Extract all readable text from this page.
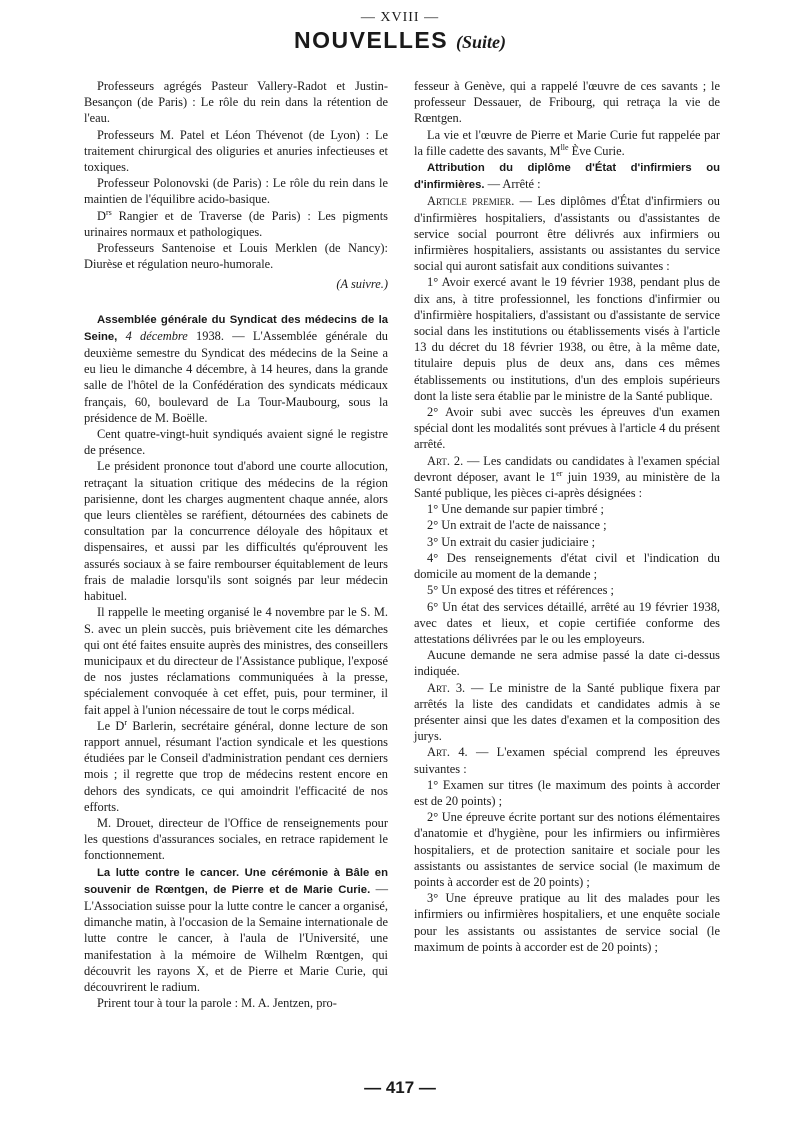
— XVIII —
NOUVELLES (Suite)

Professeurs agrégés Pasteur Vallery-Radot et Justin-Besançon (de Paris) : Le rôle du rein dans la rétention de l'eau.

Professeurs M. Patel et Léon Thévenot (de Lyon) : Le traitement chirurgical des oliguries et anuries infectieuses et toxiques.

Professeur Polonovski (de Paris) : Le rôle du rein dans le maintien de l'équilibre acido-basique.

$D^{rs}$ Rangier et de Traverse (de Paris) : Les pigments urinaires normaux et pathologiques.

Professeurs Santenoise et Louis Merklen (de Nancy): Diurèse et régulation neuro-humorale.

(A suivre.)

Assemblée générale du Syndicat des médecins de la Seine, 4 décembre 1938. — L'Assemblée générale du deuxième semestre du Syndicat des médecins de la Seine a eu lieu le dimanche 4 décembre, à 14 heures, dans la grande salle de l'hôtel de la Confédération des syndicats médicaux français, 60, boulevard de La Tour-Maubourg, sous la présidence de M. Boëlle.

Cent quatre-vingt-huit syndiqués avaient signé le registre de présence.

Le président prononce tout d'abord une courte allocution, retraçant la situation critique des médecins de la région parisienne, dont les charges augmentent chaque année, alors que leurs clientèles se raréfient, détournées des cabinets de consultation par la concurrence déloyale des hôpitaux et dispensaires, et aussi par les difficultés qu'éprouvent les assurés sociaux à se faire rembourser équitablement de leurs frais de maladie lorsqu'ils sont soignés par leur médecin habituel.

Il rappelle le meeting organisé le 4 novembre par le S. M. S. avec un plein succès, puis brièvement cite les démarches qui ont été faites ensuite auprès des ministres, des conseillers municipaux et du directeur de l'Assistance publique, l'exposé de nos justes réclamations communiquées à la presse, spécialement convoquée à cet effet, puis, pour terminer, il fait appel à l'union nécessaire de tout le corps médical.

Le $D^r$ Barlerin, secrétaire général, donne lecture de son rapport annuel, résumant l'action syndicale et les questions étudiées par le Conseil d'administration pendant ces derniers mois ; il regrette que trop de médecins restent encore en dehors des syndicats, ce qui amoindrit l'efficacité de nos efforts.

M. Drouet, directeur de l'Office de renseignements pour les questions d'assurances sociales, en retrace rapidement le fonctionnement.

La lutte contre le cancer. Une cérémonie à Bâle en souvenir de Rœntgen, de Pierre et de Marie Curie. — L'Association suisse pour la lutte contre le cancer a organisé, dimanche matin, à l'occasion de la Semaine internationale de lutte contre le cancer, à l'aula de l'Université, une manifestation à la mémoire de Wilhelm Rœntgen, qui découvrit les rayons X, et de Pierre et Marie Curie, qui découvrirent le radium.

Prirent tour à tour la parole : M. A. Jentzen, pro-

fesseur à Genève, qui a rappelé l'œuvre de ces savants ; le professeur Dessauer, de Fribourg, qui retraça la vie de Rœntgen.

La vie et l'œuvre de Pierre et Marie Curie fut rappelée par la fille cadette des savants, $M^{lle}$ Ève Curie.

Attribution du diplôme d'État d'infirmiers ou d'infirmières. — Arrêté :

Article premier. — Les diplômes d'État d'infirmiers ou d'infirmières hospitaliers, d'assistants ou d'assistantes de service social pourront être délivrés aux infirmiers ou infirmières hospitaliers, assistants ou assistantes du service social qui auront satisfait aux conditions suivantes :

1° Avoir exercé avant le 19 février 1938, pendant plus de dix ans, à titre professionnel, les fonctions d'infirmier ou d'infirmière hospitaliers, d'assistant ou d'assistante de service social dans les institutions ou établissements visés à l'article 13 du décret du 18 février 1938, ou être, à la même date, titulaire depuis plus de deux ans, dans ces mêmes établissements ou institutions, d'un des emplois supérieurs dont la liste sera établie par le ministre de la Santé publique.

2° Avoir subi avec succès les épreuves d'un examen spécial dont les modalités sont prévues à l'article 4 du présent arrêté.

Art. 2. — Les candidats ou candidates à l'examen spécial devront déposer, avant le 1er juin 1939, au ministère de la Santé publique, les pièces ci-après désignées :

1° Une demande sur papier timbré ;

2° Un extrait de l'acte de naissance ;

3° Un extrait du casier judiciaire ;

4° Des renseignements d'état civil et l'indication du domicile au moment de la demande ;

5° Un exposé des titres et références ;

6° Un état des services détaillé, arrêté au 19 février 1938, avec dates et lieux, et copie certifiée conforme des attestations délivrées par le ou les employeurs.

Aucune demande ne sera admise passé la date ci-dessus indiquée.

Art. 3. — Le ministre de la Santé publique fixera par arrêtés la liste des candidats et candidates admis à se présenter ainsi que les dates d'examen et la composition des jurys.

Art. 4. — L'examen spécial comprend les épreuves suivantes :

1° Examen sur titres (le maximum des points à accorder est de 20 points) ;

2° Une épreuve écrite portant sur des notions élémentaires d'anatomie et d'hygiène, pour les infirmiers ou infirmières hospitaliers, et de protection sanitaire et sociale pour les assistants ou assistantes de service social (le maximum de points à accorder est de 20 points) ;

3° Une épreuve pratique au lit des malades pour les infirmiers ou infirmières hospitaliers, et une enquête sociale pour les assistants ou assistantes de service social (le maximum de points à accorder est de 20 points) ;

— 417 —
